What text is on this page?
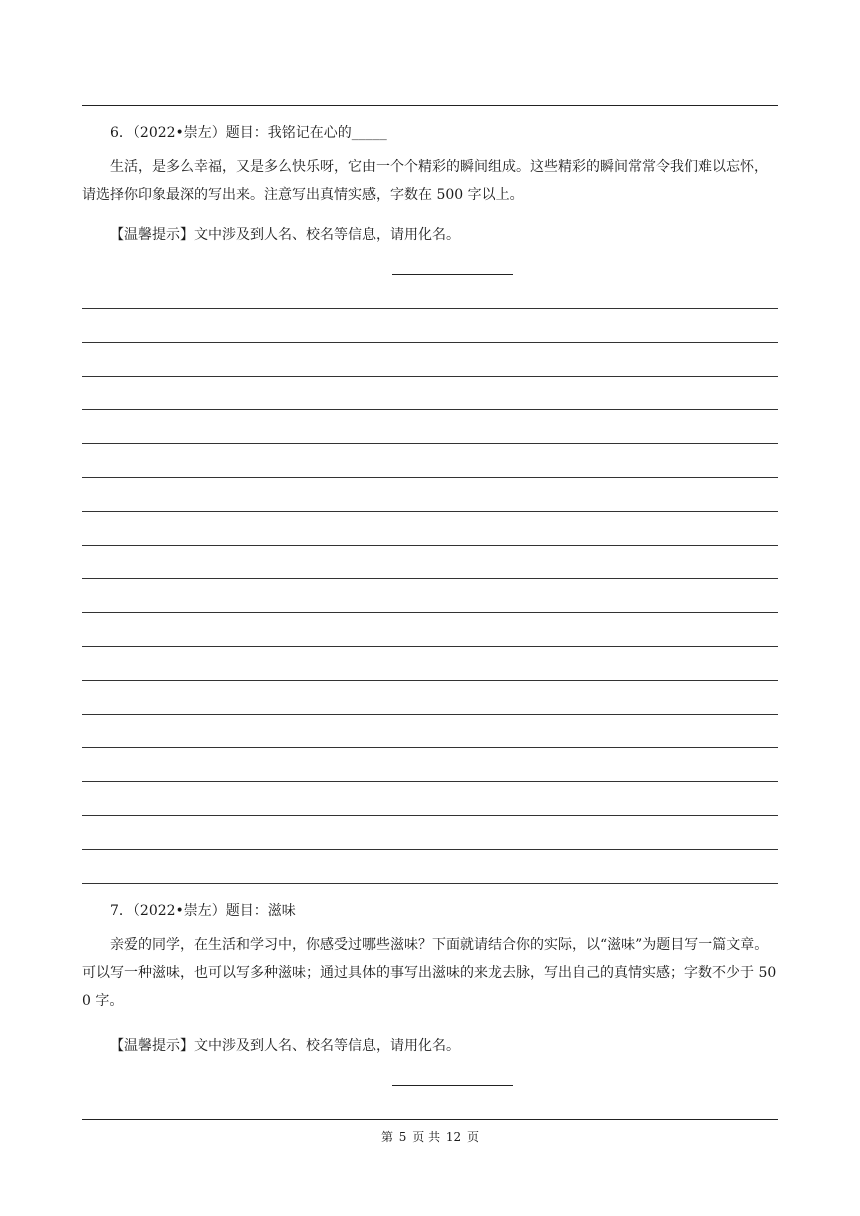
6．（2022•崇左）题目：我铭记在心的_____
生活，是多么幸福，又是多么快乐呀，它由一个个精彩的瞬间组成。这些精彩的瞬间常常令我们难以忘怀，请选择你印象最深的写出来。注意写出真情实感，字数在 500 字以上。
【温馨提示】文中涉及到人名、校名等信息，请用化名。
7．（2022•崇左）题目：滋味
亲爱的同学，在生活和学习中，你感受过哪些滋味？下面就请结合你的实际，以“滋味”为题目写一篇文章。可以写一种滋味，也可以写多种滋味；通过具体的事写出滋味的来龙去脉，写出自己的真情实感；字数不少于 500 字。
【温馨提示】文中涉及到人名、校名等信息，请用化名。
第 5 页 共 12 页
